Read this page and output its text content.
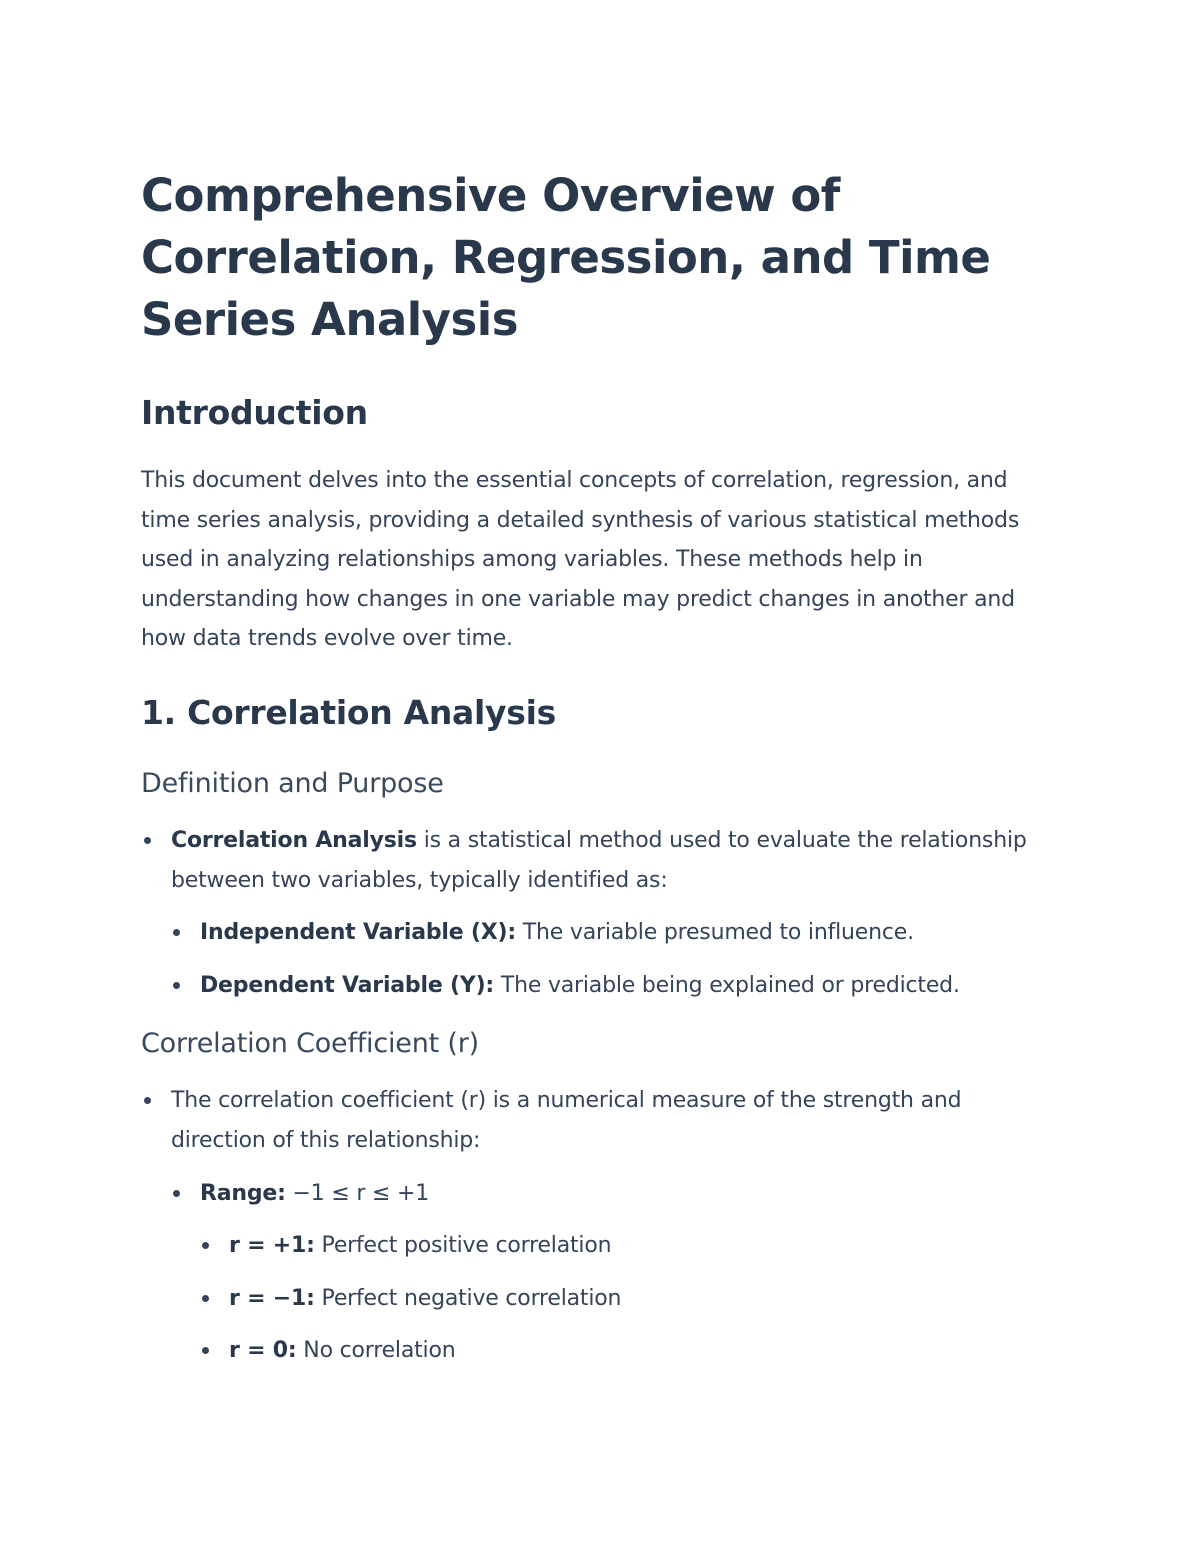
Comprehensive Overview of Correlation, Regression, and Time Series Analysis
Introduction

This document delves into the essential concepts of correlation, regression, and time series analysis, providing a detailed synthesis of various statistical methods used in analyzing relationships among variables. These methods help in understanding how changes in one variable may predict changes in another and how data trends evolve over time.

1. Correlation Analysis
Definition and Purpose
Correlation Analysis is a statistical method used to evaluate the relationship between two variables, typically identified as:
Independent Variable (X): The variable presumed to influence.
Dependent Variable (Y): The variable being explained or predicted.
Correlation Coefficient (r)
The correlation coefficient (r) is a numerical measure of the strength and direction of this relationship:
Range: −1 ≤ r ≤ +1
r = +1: Perfect positive correlation
r = −1: Perfect negative correlation
r = 0: No correlation
